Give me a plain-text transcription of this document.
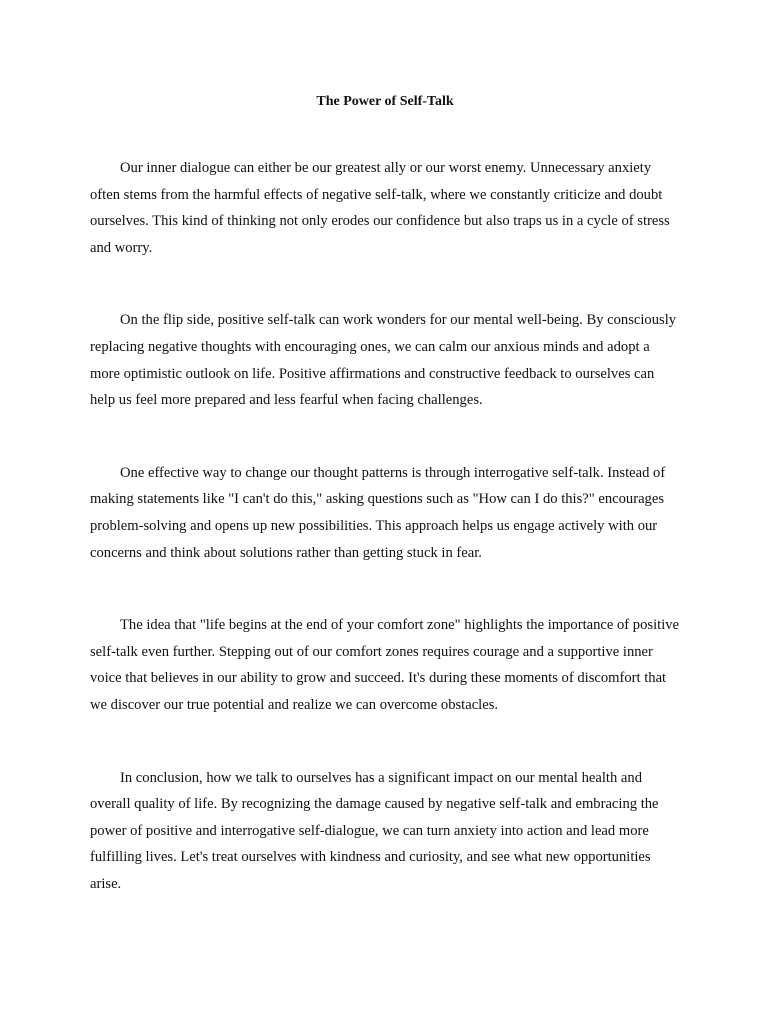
The Power of Self-Talk

Our inner dialogue can either be our greatest ally or our worst enemy. Unnecessary anxiety often stems from the harmful effects of negative self-talk, where we constantly criticize and doubt ourselves. This kind of thinking not only erodes our confidence but also traps us in a cycle of stress and worry.

On the flip side, positive self-talk can work wonders for our mental well-being. By consciously replacing negative thoughts with encouraging ones, we can calm our anxious minds and adopt a more optimistic outlook on life. Positive affirmations and constructive feedback to ourselves can help us feel more prepared and less fearful when facing challenges.

One effective way to change our thought patterns is through interrogative self-talk. Instead of making statements like "I can't do this," asking questions such as "How can I do this?" encourages problem-solving and opens up new possibilities. This approach helps us engage actively with our concerns and think about solutions rather than getting stuck in fear.

The idea that "life begins at the end of your comfort zone" highlights the importance of positive self-talk even further. Stepping out of our comfort zones requires courage and a supportive inner voice that believes in our ability to grow and succeed. It's during these moments of discomfort that we discover our true potential and realize we can overcome obstacles.

In conclusion, how we talk to ourselves has a significant impact on our mental health and overall quality of life. By recognizing the damage caused by negative self-talk and embracing the power of positive and interrogative self-dialogue, we can turn anxiety into action and lead more fulfilling lives. Let's treat ourselves with kindness and curiosity, and see what new opportunities arise.
